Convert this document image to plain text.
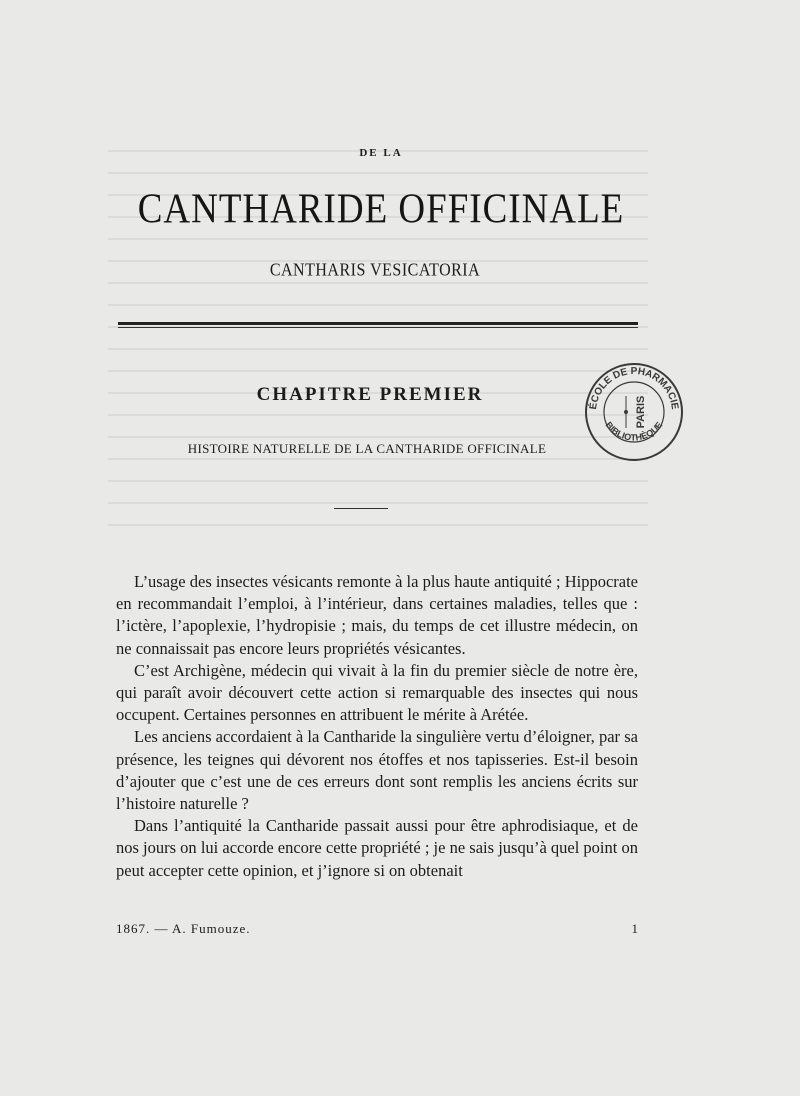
DE LA
CANTHARIDE OFFICINALE
CANTHARIS VESICATORIA
CHAPITRE PREMIER
HISTOIRE NATURELLE DE LA CANTHARIDE OFFICINALE
ÉCOLE DE PHARMACIE
BIBLIOTHÈQUE
PARIS

L’usage des insectes vésicants remonte à la plus haute antiquité ; Hippocrate en recommandait l’emploi, à l’intérieur, dans certaines maladies, telles que : l’ictère, l’apoplexie, l’hydropisie ; mais, du temps de cet illustre médecin, on ne connaissait pas encore leurs propriétés vésicantes.

C’est Archigène, médecin qui vivait à la fin du premier siècle de notre ère, qui paraît avoir découvert cette action si remarquable des insectes qui nous occupent. Certaines personnes en attribuent le mérite à Arétée.

Les anciens accordaient à la Cantharide la singulière vertu d’éloigner, par sa présence, les teignes qui dévorent nos étoffes et nos tapisseries. Est-il besoin d’ajouter que c’est une de ces erreurs dont sont remplis les anciens écrits sur l’histoire naturelle ?

Dans l’antiquité la Cantharide passait aussi pour être aphrodisiaque, et de nos jours on lui accorde encore cette propriété ; je ne sais jusqu’à quel point on peut accepter cette opinion, et j’ignore si on obtenait

1867. — A. Fumouze.	1
